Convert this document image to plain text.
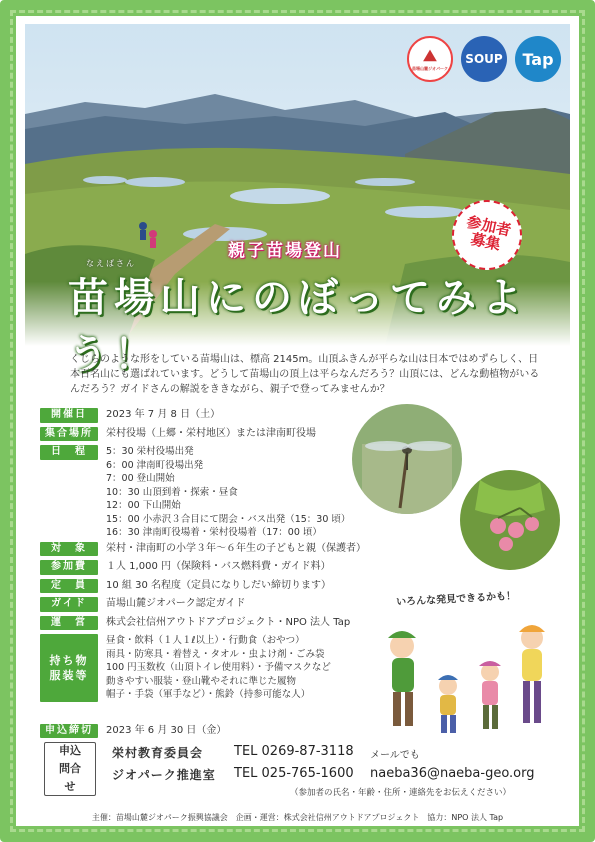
⛰
苗場山麓ジオパーク
SOUP Tap
参加者募集
親子苗場登山
なえばさん
苗場山にのぼってみよう！

くじらのような形をしている苗場山は、標高 2145m。山頂ふきんが平らな山は日本ではめずらしく、日本百名山にも選ばれています。どうして苗場山の頂上は平らなんだろう？山頂には、どんな動植物がいるんだろう？ガイドさんの解説をききながら、親子で登ってみませんか？

開催日	2023 年 7 月 8 日（土）
集合場所	栄村役場（上郷・栄村地区）または津南町役場
日　程	5：30 栄村役場出発
6：00 津南町役場出発
7：00 登山開始
10：30 山頂到着・探索・昼食
12：00 下山開始
15：00 小赤沢３合目にて閉会・バス出発（15：30 頃）
16：30 津南町役場着・栄村役場着（17：00 頃）
対　象	栄村・津南町の小学３年〜６年生の子どもと親（保護者）
参加費	１人 1,000 円（保険料・バス燃料費・ガイド料）
定　員	10 組 30 名程度（定員になりしだい締切ります）
ガイド	苗場山麓ジオパーク認定ガイド
運　営	株式会社信州アウトドアプロジェクト・NPO 法人 Tap
持ち物 服装等
昼食・飲料（１人１ℓ以上）・行動食（おやつ）
雨具・防寒具・着替え・タオル・虫よけ剤・ごみ袋
100 円玉数枚（山頂トイレ使用料）・予備マスクなど
動きやすい服装・登山靴やそれに準じた履物
帽子・手袋（軍手など）・熊鈴（持参可能な人）
いろんな発見できるかも！
申込締切	2023 年 6 月 30 日（金）
申込 問合せ
栄村教育委員会
ジオパーク推進室
TEL 0269-87-3118
TEL 025-765-1600
メールでも
naeba36@naeba-geo.org
（参加者の氏名・年齢・住所・連絡先をお伝えください）
主催：苗場山麓ジオパーク振興協議会　企画・運営：株式会社信州アウトドアプロジェクト　協力：NPO 法人 Tap
